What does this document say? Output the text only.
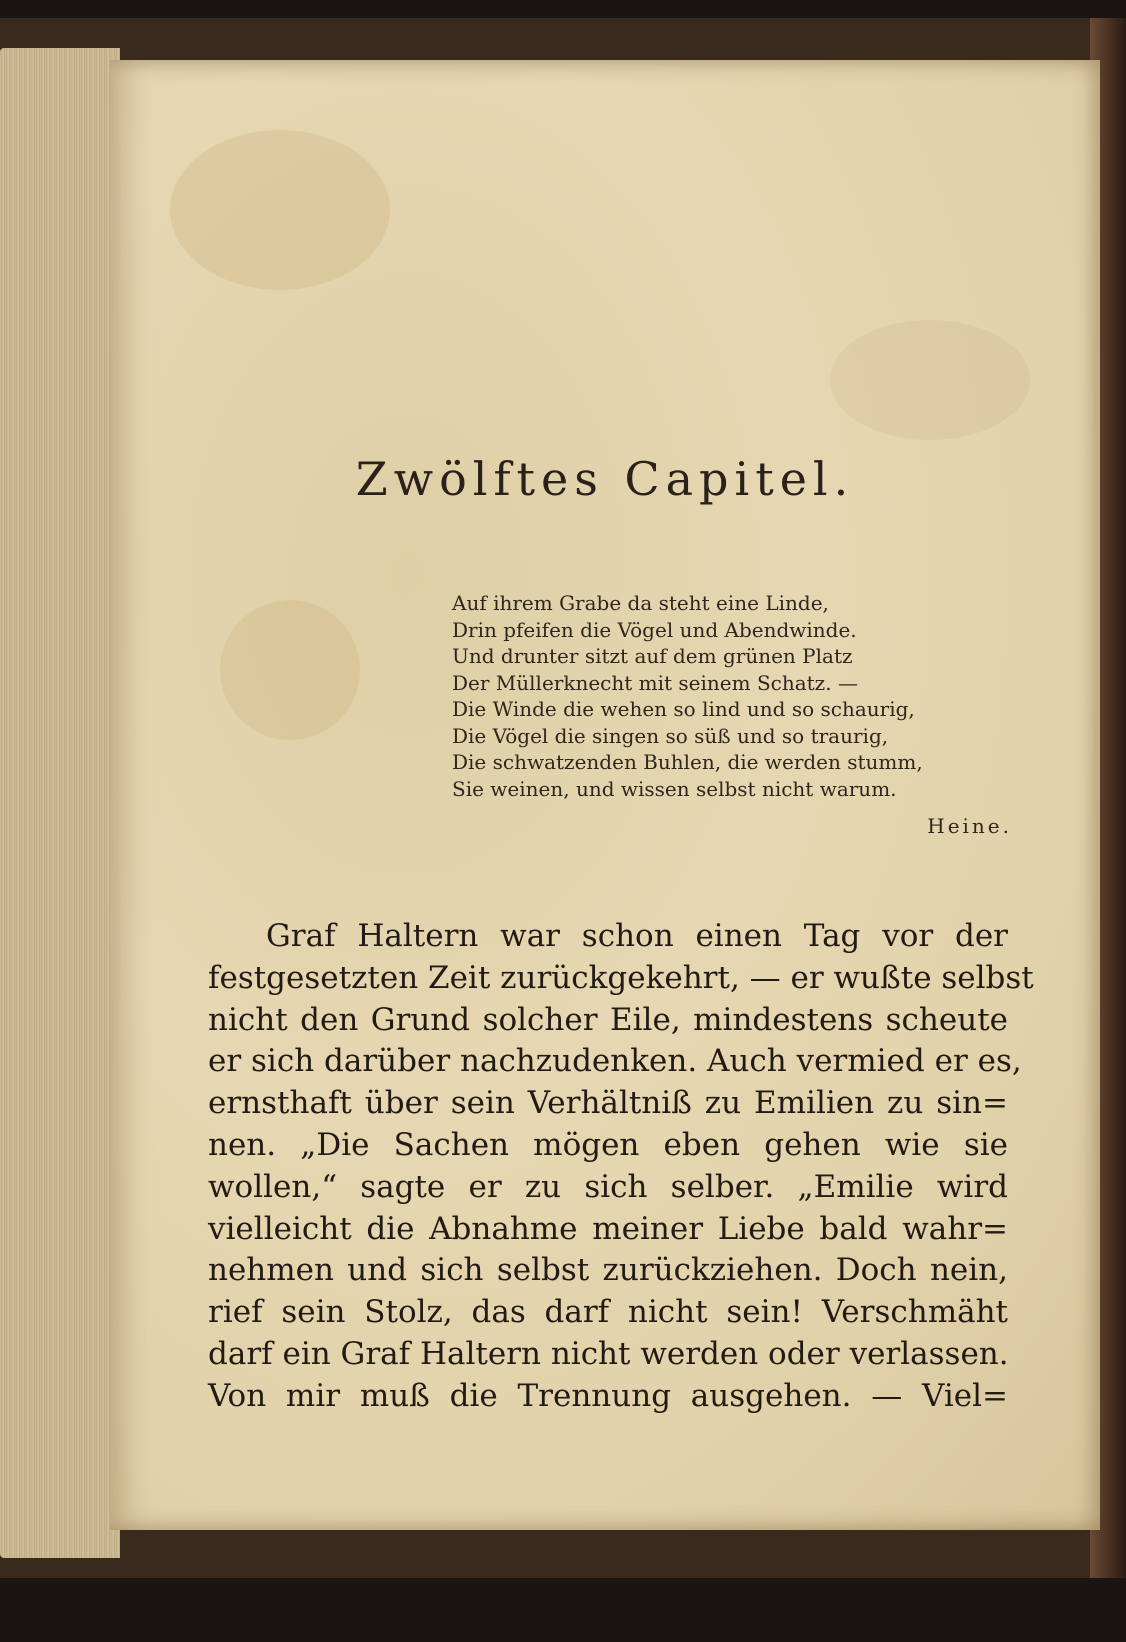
Zwölftes Capitel.
Auf ihrem Grabe da steht eine Linde,
Drin pfeifen die Vögel und Abendwinde.
Und drunter sitzt auf dem grünen Platz
Der Müllerknecht mit seinem Schatz. —
Die Winde die wehen so lind und so schaurig,
Die Vögel die singen so süß und so traurig,
Die schwatzenden Buhlen, die werden stumm,
Sie weinen, und wissen selbst nicht warum.
Heine.
Graf Haltern war schon einen Tag vor der
festgesetzten Zeit zurückgekehrt, — er wußte selbst
nicht den Grund solcher Eile, mindestens scheute
er sich darüber nachzudenken. Auch vermied er es,
ernsthaft über sein Verhältniß zu Emilien zu sin=
nen. „Die Sachen mögen eben gehen wie sie
wollen,“ sagte er zu sich selber. „Emilie wird
vielleicht die Abnahme meiner Liebe bald wahr=
nehmen und sich selbst zurückziehen. Doch nein,
rief sein Stolz, das darf nicht sein! Verschmäht
darf ein Graf Haltern nicht werden oder verlassen.
Von mir muß die Trennung ausgehen. — Viel=
